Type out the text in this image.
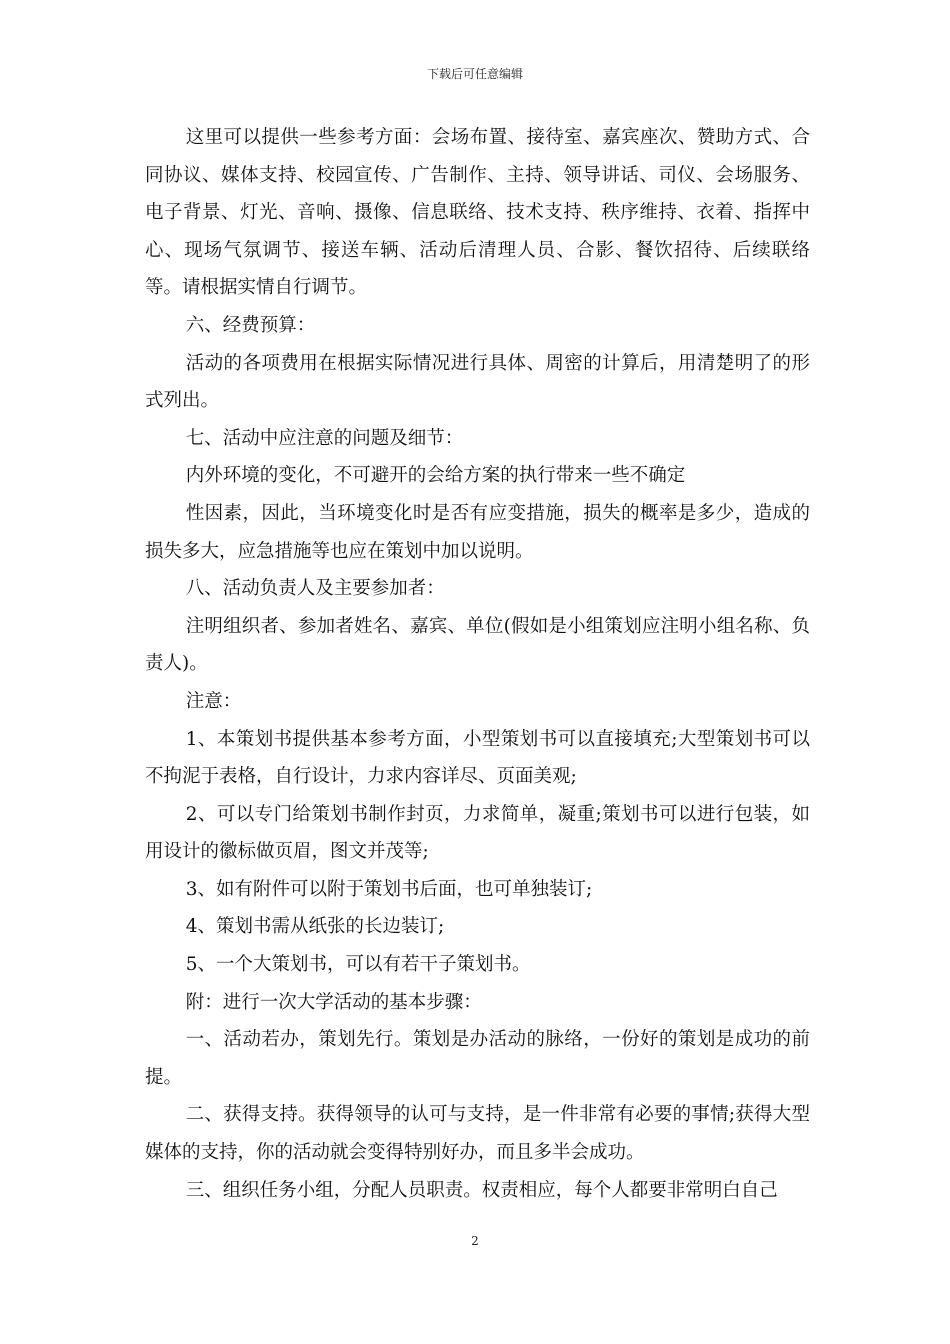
下载后可任意编辑

这里可以提供一些参考方面：会场布置、接待室、嘉宾座次、赞助方式、合同协议、媒体支持、校园宣传、广告制作、主持、领导讲话、司仪、会场服务、电子背景、灯光、音响、摄像、信息联络、技术支持、秩序维持、衣着、指挥中心、现场气氛调节、接送车辆、活动后清理人员、合影、餐饮招待、后续联络等。请根据实情自行调节。

六、经费预算：

活动的各项费用在根据实际情况进行具体、周密的计算后，用清楚明了的形式列出。

七、活动中应注意的问题及细节：

内外环境的变化，不可避开的会给方案的执行带来一些不确定

性因素，因此，当环境变化时是否有应变措施，损失的概率是多少，造成的损失多大，应急措施等也应在策划中加以说明。

八、活动负责人及主要参加者：

注明组织者、参加者姓名、嘉宾、单位(假如是小组策划应注明小组名称、负责人)。

注意：

1、本策划书提供基本参考方面，小型策划书可以直接填充;大型策划书可以不拘泥于表格，自行设计，力求内容详尽、页面美观;

2、可以专门给策划书制作封页，力求简单，凝重;策划书可以进行包装，如用设计的徽标做页眉，图文并茂等;

3、如有附件可以附于策划书后面，也可单独装订;

4、策划书需从纸张的长边装订;

5、一个大策划书，可以有若干子策划书。

附：进行一次大学活动的基本步骤：

一、活动若办，策划先行。策划是办活动的脉络，一份好的策划是成功的前提。

二、获得支持。获得领导的认可与支持，是一件非常有必要的事情;获得大型媒体的支持，你的活动就会变得特别好办，而且多半会成功。

三、组织任务小组，分配人员职责。权责相应，每个人都要非常明白自己

2
